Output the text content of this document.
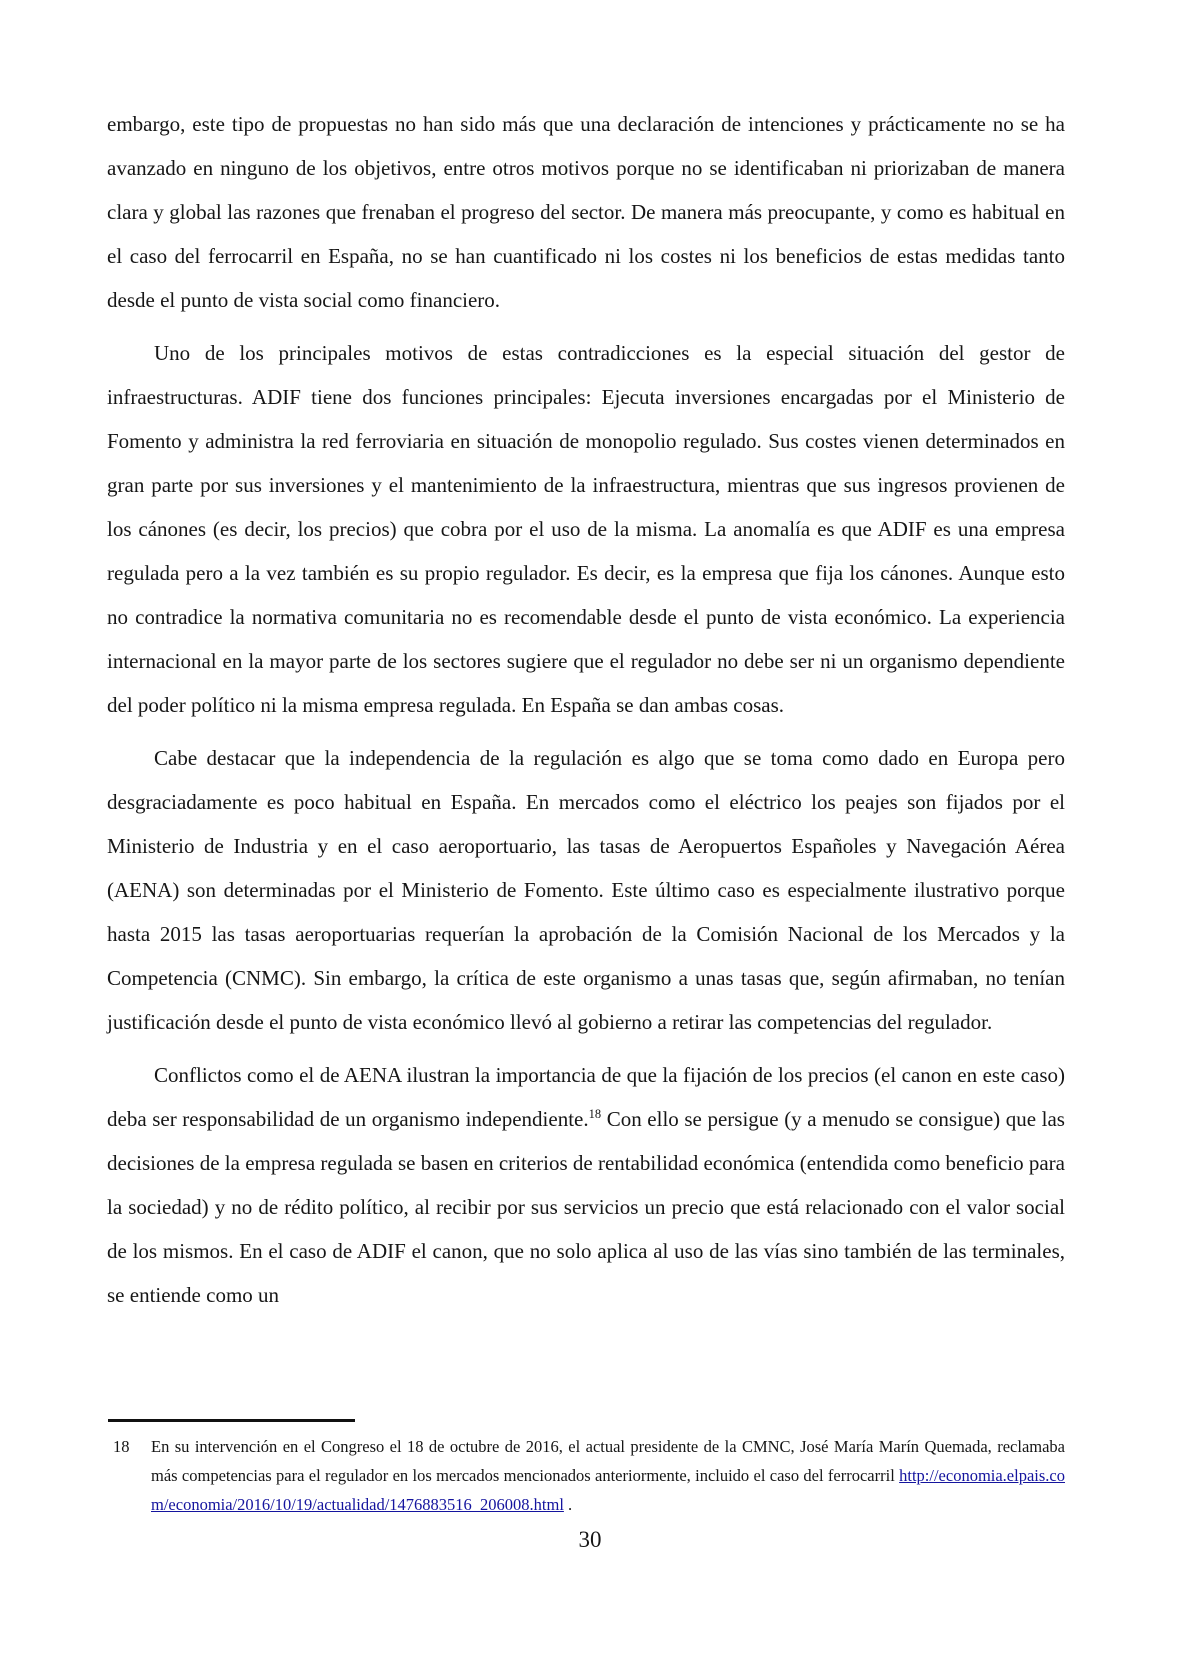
embargo, este tipo de propuestas no han sido más que una declaración de intenciones y prácticamente no se ha avanzado en ninguno de los objetivos, entre otros motivos porque no se identificaban ni priorizaban de manera clara y global las razones que frenaban el progreso del sector. De manera más preocupante, y como es habitual en el caso del ferrocarril en España, no se han cuantificado ni los costes ni los beneficios de estas medidas tanto desde el punto de vista social como financiero.

Uno de los principales motivos de estas contradicciones es la especial situación del gestor de infraestructuras. ADIF tiene dos funciones principales: Ejecuta inversiones encargadas por el Ministerio de Fomento y administra la red ferroviaria en situación de monopolio regulado. Sus costes vienen determinados en gran parte por sus inversiones y el mantenimiento de la infraestructura, mientras que sus ingresos provienen de los cánones (es decir, los precios) que cobra por el uso de la misma. La anomalía es que ADIF es una empresa regulada pero a la vez también es su propio regulador. Es decir, es la empresa que fija los cánones. Aunque esto no contradice la normativa comunitaria no es recomendable desde el punto de vista económico. La experiencia internacional en la mayor parte de los sectores sugiere que el regulador no debe ser ni un organismo dependiente del poder político ni la misma empresa regulada. En España se dan ambas cosas.

Cabe destacar que la independencia de la regulación es algo que se toma como dado en Europa pero desgraciadamente es poco habitual en España. En mercados como el eléctrico los peajes son fijados por el Ministerio de Industria y en el caso aeroportuario, las tasas de Aeropuertos Españoles y Navegación Aérea (AENA) son determinadas por el Ministerio de Fomento. Este último caso es especialmente ilustrativo porque hasta 2015 las tasas aeroportuarias requerían la aprobación de la Comisión Nacional de los Mercados y la Competencia (CNMC). Sin embargo, la crítica de este organismo a unas tasas que, según afirmaban, no tenían justificación desde el punto de vista económico llevó al gobierno a retirar las competencias del regulador.

Conflictos como el de AENA ilustran la importancia de que la fijación de los precios (el canon en este caso) deba ser responsabilidad de un organismo independiente.$^{18}$ Con ello se persigue (y a menudo se consigue) que las decisiones de la empresa regulada se basen en criterios de rentabilidad económica (entendida como beneficio para la sociedad) y no de rédito político, al recibir por sus servicios un precio que está relacionado con el valor social de los mismos. En el caso de ADIF el canon, que no solo aplica al uso de las vías sino también de las terminales, se entiende como un

18 En su intervención en el Congreso el 18 de octubre de 2016, el actual presidente de la CMNC, José María Marín Quemada, reclamaba más competencias para el regulador en los mercados mencionados anteriormente, incluido el caso del ferrocarril http://economia.elpais.com/economia/2016/10/19/actualidad/1476883516_206008.html .
30
